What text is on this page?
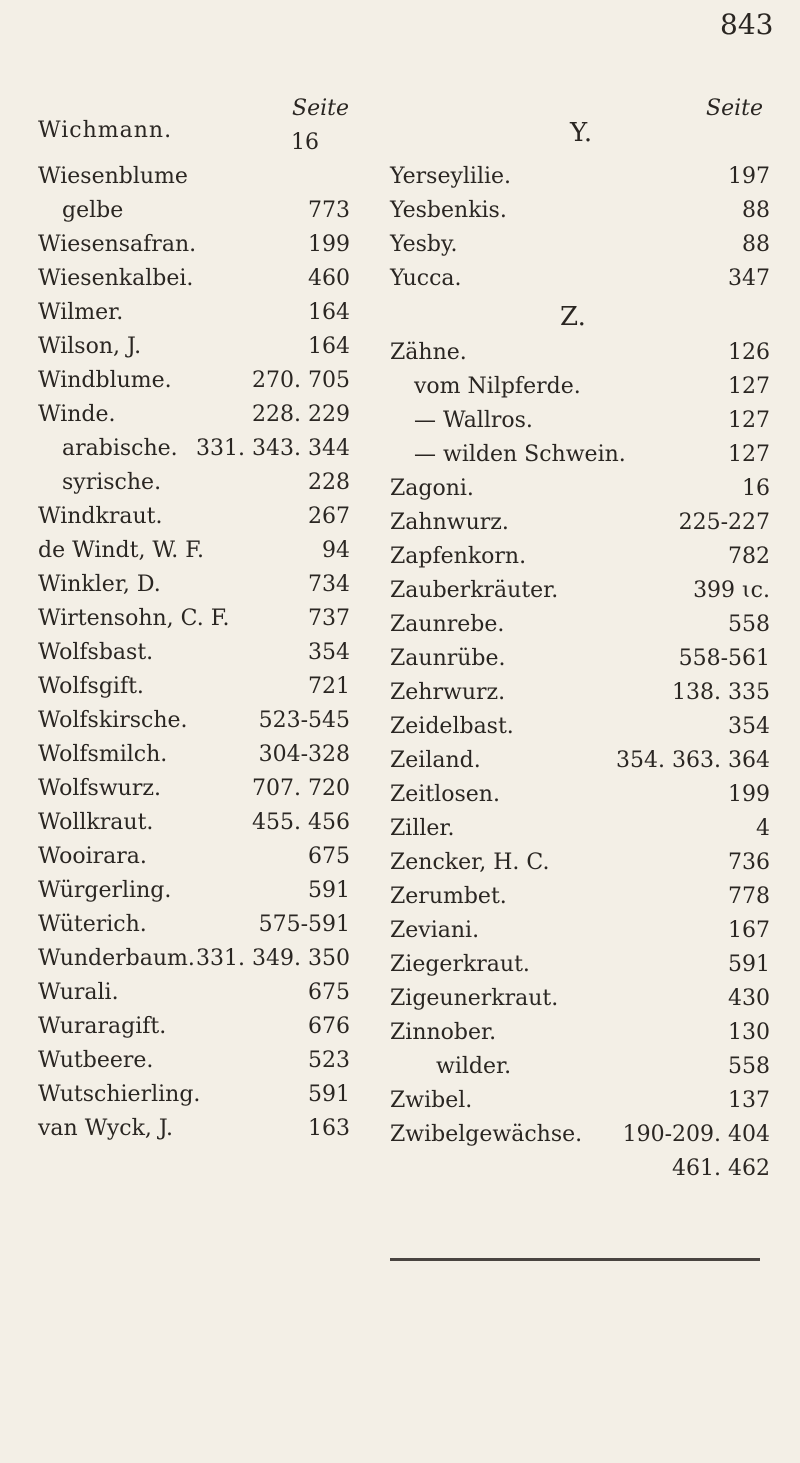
843
Seite
Wichmann.	16
Wiesenblume
gelbe	773
Wiesensafran.	199
Wiesenkalbei.	460
Wilmer.	164
Wilson, J.	164
Windblume.	270. 705
Winde.	228. 229
arabische. 331. 343. 344
syrische.	228
Windkraut.	267
de Windt, W. F.	94
Winkler, D.	734
Wirtensohn, C. F.	737
Wolfsbast.	354
Wolfsgift.	721
Wolfskirsche.	523-545
Wolfsmilch.	304-328
Wolfswurz.	707. 720
Wollkraut.	455. 456
Wooirara.	675
Würgerling.	591
Wüterich.	575-591
Wunderbaum. 331. 349. 350
Wurali.	675
Wuraragift.	676
Wutbeere.	523
Wutschierling.	591
van Wyck, J.	163
Seite
Y.
Yerseylilie.	197
Yesbenkis.	88
Yesby.	88
Yucca.	347
Z.
Zähne.	126
vom Nilpferde.	127
— Wallros.	127
— wilden Schwein.	127
Zagoni.	16
Zahnwurz.	225-227
Zapfenkorn.	782
Zauberkräuter.	399 ɩc.
Zaunrebe.	558
Zaunrübe.	558-561
Zehrwurz.	138. 335
Zeidelbast.	354
Zeiland.	354. 363. 364
Zeitlosen.	199
Ziller.	4
Zencker, H. C.	736
Zerumbet.	778
Zeviani.	167
Ziegerkraut.	591
Zigeunerkraut.	430
Zinnober.	130
wilder.	558
Zwibel.	137
Zwibelgewächse. 190-209. 404
461. 462
